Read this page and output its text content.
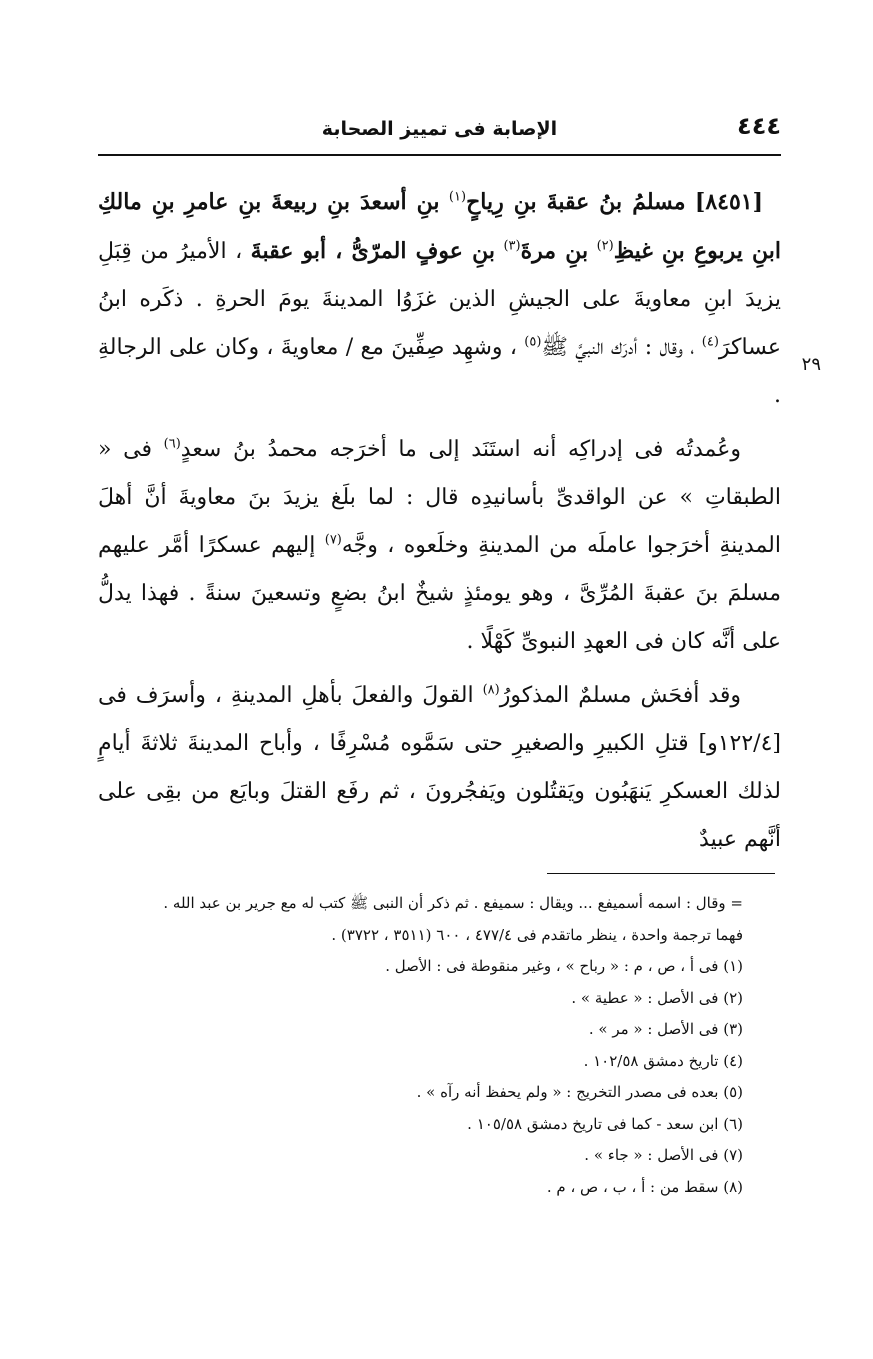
٤٤٤
الإصابة فى تمييز الصحابة
٢٩

[٨٤٥١] مسلمُ بنُ عقبةَ بنِ رِياحٍ$^{(١)}$ بنِ أسعدَ بنِ ربيعةَ بنِ عامرِ بنِ مالكِ ابنِ يربوعِ بنِ غيظِ$^{(٢)}$ بنِ مرةَ$^{(٣)}$ بنِ عوفٍ المرّىُّ ، أبو عقبةَ ، الأميرُ من قِبَلِ يزيدَ ابنِ معاويةَ على الجيشِ الذين غزَوُا المدينةَ يومَ الحرةِ . ذكَره ابنُ عساكرَ$^{(٤)}$ ، وقال : أدرَك النبيَّ ﷺ$^{(٥)}$ ، وشهِد صِفِّينَ مع / معاويةَ ، وكان على الرجالةِ .

وعُمدتُه فى إدراكِه أنه استَنَد إلى ما أخرَجه محمدُ بنُ سعدٍ$^{(٦)}$ فى « الطبقاتِ » عن الواقدىِّ بأسانيدِه قال : لما بلَغ يزيدَ بنَ معاويةَ أنَّ أهلَ المدينةِ أخرَجوا عاملَه من المدينةِ وخلَعوه ، وجَّه$^{(٧)}$ إليهم عسكرًا أمَّر عليهم مسلمَ بنَ عقبةَ المُرِّىَّ ، وهو يومئذٍ شيخٌ ابنُ بضعٍ وتسعينَ سنةً . فهذا يدلُّ على أنَّه كان فى العهدِ النبوىِّ كَهْلًا .

وقد أفحَش مسلمٌ المذكورُ$^{(٨)}$ القولَ والفعلَ بأهلِ المدينةِ ، وأسرَف فى [١٢٢/٤و] قتلِ الكبيرِ والصغيرِ حتى سَمَّوه مُسْرِفًا ، وأباح المدينةَ ثلاثةَ أيامٍ لذلك العسكرِ يَنهَبُون ويَقتُلون ويَفجُرونَ ، ثم رفَع القتلَ وبايَع من بقِى على أنَّهم عبيدٌ

= وقال : اسمه أسميفع ... ويقال : سميفع . ثم ذكر أن النبى ﷺ كتب له مع جرير بن عبد الله .

فهما ترجمة واحدة ، ينظر ماتقدم فى ٤٧٧/٤ ، ٦٠٠ (٣٥١١ ، ٣٧٢٢) .

(١) فى أ ، ص ، م : « رباح » ، وغير منقوطة فى : الأصل .

(٢) فى الأصل : « عطية » .

(٣) فى الأصل : « مر » .

(٤) تاريخ دمشق ١٠٢/٥٨ .

(٥) بعده فى مصدر التخريج : « ولم يحفظ أنه رآه » .

(٦) ابن سعد - كما فى تاريخ دمشق ١٠٥/٥٨ .

(٧) فى الأصل : « جاء » .

(٨) سقط من : أ ، ب ، ص ، م .
